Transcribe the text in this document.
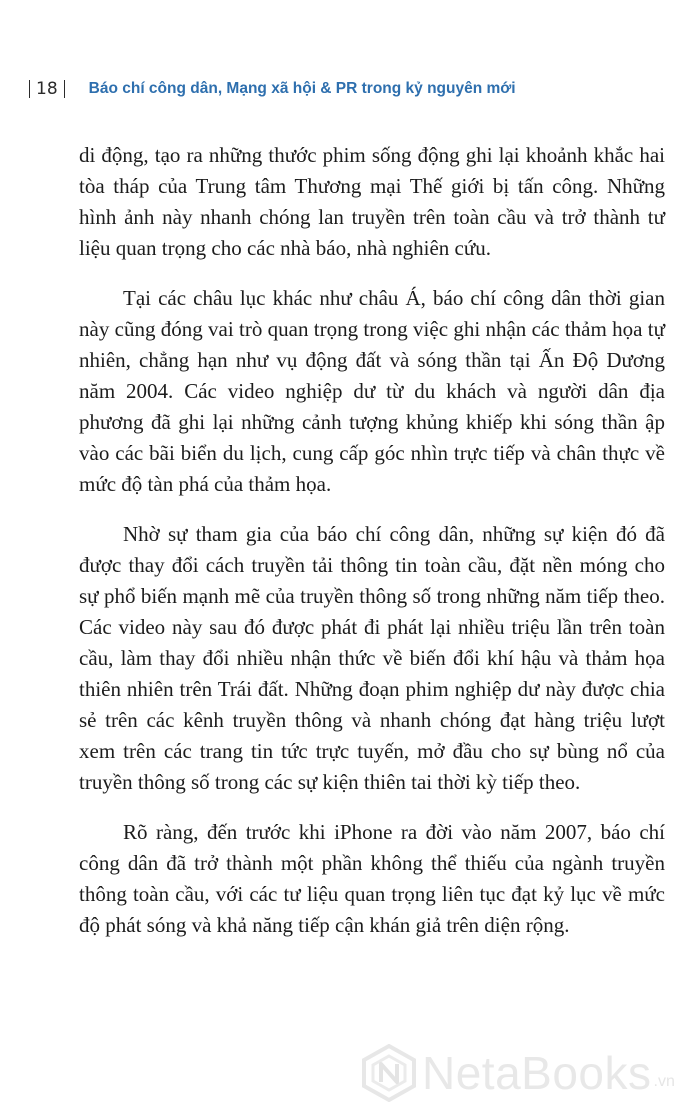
18	Báo chí công dân, Mạng xã hội & PR trong kỷ nguyên mới

di động, tạo ra những thước phim sống động ghi lại khoảnh khắc hai tòa tháp của Trung tâm Thương mại Thế giới bị tấn công. Những hình ảnh này nhanh chóng lan truyền trên toàn cầu và trở thành tư liệu quan trọng cho các nhà báo, nhà nghiên cứu.

Tại các châu lục khác như châu Á, báo chí công dân thời gian này cũng đóng vai trò quan trọng trong việc ghi nhận các thảm họa tự nhiên, chẳng hạn như vụ động đất và sóng thần tại Ấn Độ Dương năm 2004. Các video nghiệp dư từ du khách và người dân địa phương đã ghi lại những cảnh tượng khủng khiếp khi sóng thần ập vào các bãi biển du lịch, cung cấp góc nhìn trực tiếp và chân thực về mức độ tàn phá của thảm họa.

Nhờ sự tham gia của báo chí công dân, những sự kiện đó đã được thay đổi cách truyền tải thông tin toàn cầu, đặt nền móng cho sự phổ biến mạnh mẽ của truyền thông số trong những năm tiếp theo. Các video này sau đó được phát đi phát lại nhiều triệu lần trên toàn cầu, làm thay đổi nhiều nhận thức về biến đổi khí hậu và thảm họa thiên nhiên trên Trái đất. Những đoạn phim nghiệp dư này được chia sẻ trên các kênh truyền thông và nhanh chóng đạt hàng triệu lượt xem trên các trang tin tức trực tuyến, mở đầu cho sự bùng nổ của truyền thông số trong các sự kiện thiên tai thời kỳ tiếp theo.

Rõ ràng, đến trước khi iPhone ra đời vào năm 2007, báo chí công dân đã trở thành một phần không thể thiếu của ngành truyền thông toàn cầu, với các tư liệu quan trọng liên tục đạt kỷ lục về mức độ phát sóng và khả năng tiếp cận khán giả trên diện rộng.

NetaBooks .vn
